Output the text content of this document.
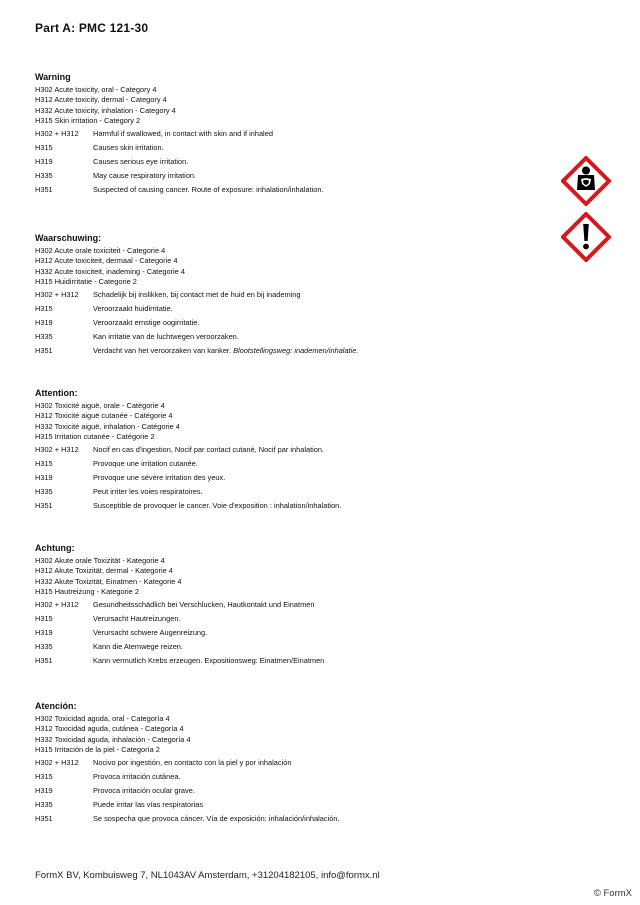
Part A: PMC 121-30
Warning
H302 Acute toxicity, oral - Category 4
H312 Acute toxicity, dermal - Category 4
H332 Acute toxicity, inhalation - Category 4
H315 Skin irritation - Category 2
H302 + H312	Harmful if swallowed, in contact with skin and if inhaled
H315	Causes skin irritation.
H319	Causes serious eye irritation.
H335	May cause respiratory irritation.
H351	Suspected of causing cancer. Route of exposure: inhalation/inhalation.
Waarschuwing:
H302 Acute orale toxiciteit - Categorie 4
H312 Acute toxiciteit, dermaal - Categorie 4
H332 Acute toxiciteit, inademing - Categorie 4
H315 Huidirritatie - Categorie 2
H302 + H312	Schadelijk bij inslikken, bij contact met de huid en bij inademing
H315	Veroorzaakt huidirritatie.
H319	Veroorzaakt ernstige oogirritatie.
H335	Kan irritatie van de luchtwegen veroorzaken.
H351	Verdacht van het veroorzaken van kanker. Blootstellingsweg: inademen/inhalatie.
Attention:
H302 Toxicité aiguë, orale - Catégorie 4
H312 Toxicité aiguë cutanée - Catégorie 4
H332 Toxicité aiguë, inhalation - Catégorie 4
H315 Irritation cutanée - Catégorie 2
H302 + H312	Nocif en cas d'ingestion, Nocif par contact cutané, Nocif par inhalation.
H315	Provoque une irritation cutanée.
H319	Provoque une sévère irritation des yeux.
H335	Peut irriter les voies respiratoires.
H351	Susceptible de provoquer le cancer. Voie d'exposition : inhalation/inhalation.
Achtung:
H302 Akute orale Toxizität - Kategorie 4
H312 Akute Toxizität, dermal - Kategorie 4
H332 Akute Toxizität, Einatmen - Kategorie 4
H315 Hautreizung - Kategorie 2
H302 + H312	Gesundheitsschädlich bei Verschlucken, Hautkontakt und Einatmen
H315	Verursacht Hautreizungen.
H319	Verursacht schwere Augenreizung.
H335	Kann die Atemwege reizen.
H351	Kann vermutlich Krebs erzeugen. Expositionsweg: Einatmen/Einatmen
Atención:
H302 Toxicidad aguda, oral - Categoría 4
H312 Toxicidad aguda, cutánea - Categoría 4
H332 Toxicidad aguda, inhalación - Categoría 4
H315 Irritación de la piel - Categoría 2
H302 + H312	Nocivo por ingestión, en contacto con la piel y por inhalación
H315	Provoca irritación cutánea.
H319	Provoca irritación ocular grave.
H335	Puede irritar las vías respiratorias
H351	Se sospecha que provoca cáncer. Vía de exposición: inhalación/inhalación.
FormX BV, Kombuisweg 7, NL1043AV Amsterdam, +31204182105, info@formx.nl
© FormX
